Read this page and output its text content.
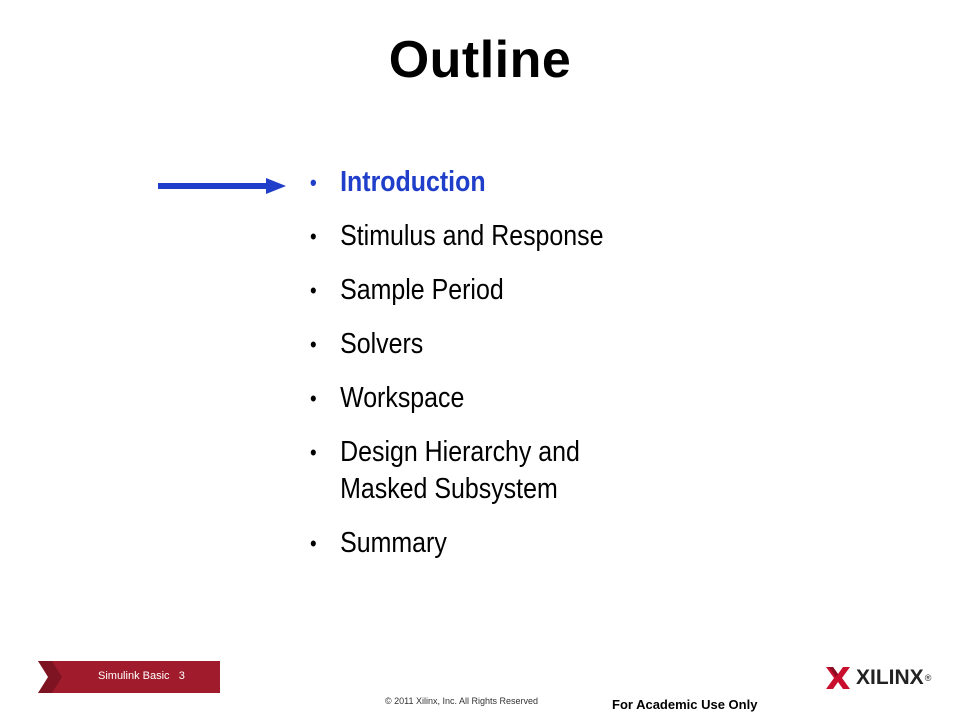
Outline
• Introduction
• Stimulus and Response
• Sample Period
• Solvers
• Workspace
• Design Hierarchy and
Masked Subsystem
• Summary
Simulink Basic 3
© 2011 Xilinx, Inc. All Rights Reserved	For Academic Use Only
XILINX ®
